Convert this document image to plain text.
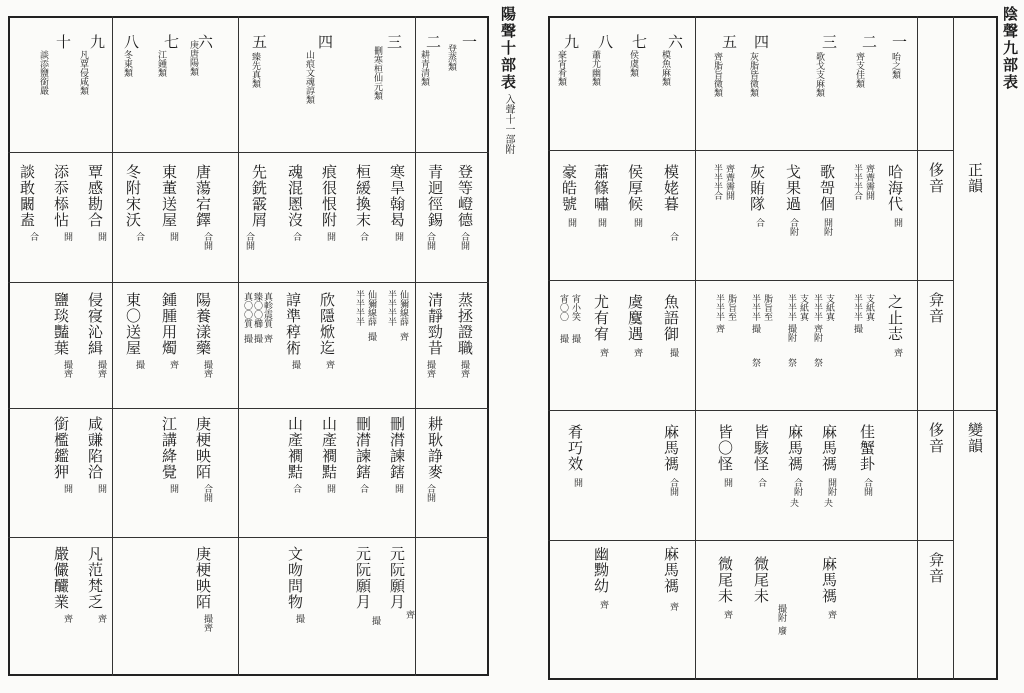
一
登蒸類
二
耕青清類
三
刪寒桓仙元類
四
山痕文魂諄類
五
臻先真類
六
庚唐陽類
七
江鍾類
八
冬東類
九
凡覃侵咸類
十
談添鹽銜嚴
登等嶝德
合開
青迥徑錫
合開
寒旱翰曷
開
桓緩換末
合
痕很恨附
開
魂混慁沒
合
先銑霰屑
合開
唐蕩宕鐸
合開
東董送屋
開
冬附宋沃
合
覃感勘合
開
添忝㮇怗
開
談敢闞盍
合
蒸拯證職
撮齊
清靜勁昔
撮齊
仙獮線薛
齊
仙獮線薛
撮
半半半半
半半半半
欣隱焮迄
齊
諄準稕術
撮
真軫震質
齊
臻〇〇櫛
撮
真〇〇質
撮
陽養漾藥
撮齊
鍾腫用燭
齊
東〇送屋
撮
侵寑沁緝
撮齊
鹽琰豔葉
撮齊
耕耿諍麥
合開
刪潸諫鎋
開
刪潸諫鎋
合
山產襉黠
開
山產襉黠
合
庚梗映陌
合開
江講絳覺
開
咸豏陷洽
開
銜檻鑑狎
開
元阮願月
齊
元阮願月
撮
文吻問物
撮
庚梗映陌
撮齊
凡范梵乏
齊
嚴儼釅業
齊
陽聲十部表
入聲十一部附
陰聲九部表
正韻
變韻
侈音
弇音
侈音
弇音
一
咍之類
二
齊支佳類
三
歌戈支麻類
四
灰脂皆微類
五
齊脂旨微類
六
模魚麻類
七
侯虞類
八
蕭尤幽類
九
豪宵肴類
哈海代
開
齊薺霽開
半半半合
歌哿個
開附
戈果過
合附
灰賄隊
合
齊薺霽開
半半半合
模姥暮
合
侯厚候
開
蕭篠嘯
開
豪皓號
開
之止志
齊
支紙寘
半半半 撮
支紙寘
半半半 齊附
支紙寘
半半半 撮附
脂旨至
半半半 撮
脂旨至
半半半 齊
魚語御
撮
虞麌遇
齊
尤有宥
齊
宵小笑
撮
宵〇〇
撮
佳蟹卦
合開
麻馬禡
開附
麻馬禡
合附
皆駭怪
合
皆〇怪
開
麻馬禡
合開
肴巧效
開
麻馬禡
齊
微尾未
撮附
微尾未
齊
麻馬禡
齊
幽黝幼
齊
夬
夬
祭
祭
祭
廢
